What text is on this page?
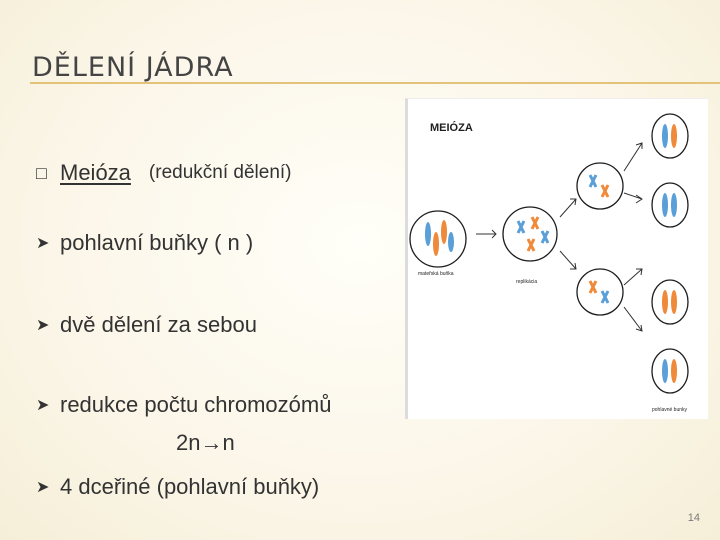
DĚLENÍ JÁDRA
□ Meióza (redukční dělení)
➤ pohlavní buňky ( n )
➤ dvě dělení za sebou
➤ redukce počtu chromozómů
2n→n
➤ 4 dceřiné (pohlavní buňky)
MEIÓZA
mateřská buňka
replikácia
pohlavné bunky
14
